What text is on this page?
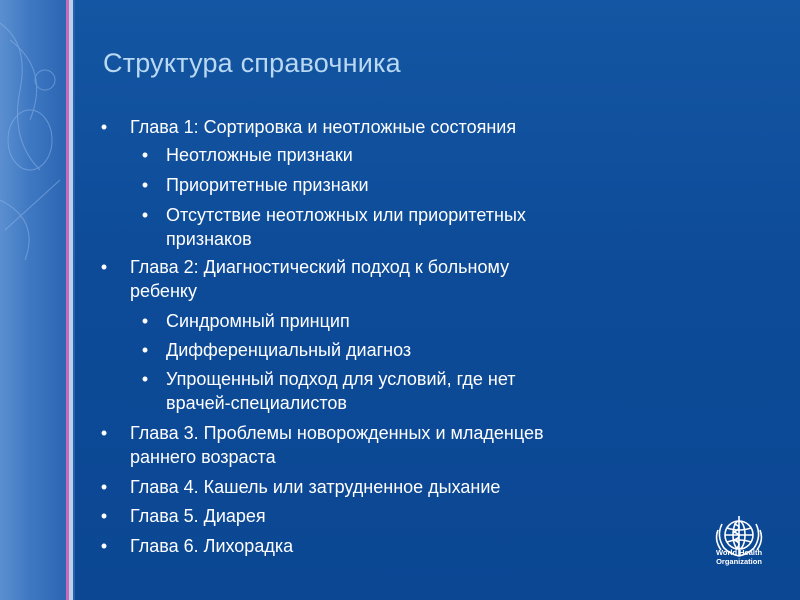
Структура справочника
• Глава 1: Сортировка и неотложные состояния
• Неотложные признаки
• Приоритетные признаки
• Отсутствие неотложных или приоритетных
признаков
• Глава 2: Диагностический подход к больному
ребенку
• Синдромный принцип
• Дифференциальный диагноз
• Упрощенный подход для условий, где нет
врачей-специалистов
• Глава 3. Проблемы новорожденных и младенцев
раннего возраста
• Глава 4. Кашель или затрудненное дыхание
• Глава 5. Диарея
• Глава 6. Лихорадка	World Health
Organization
